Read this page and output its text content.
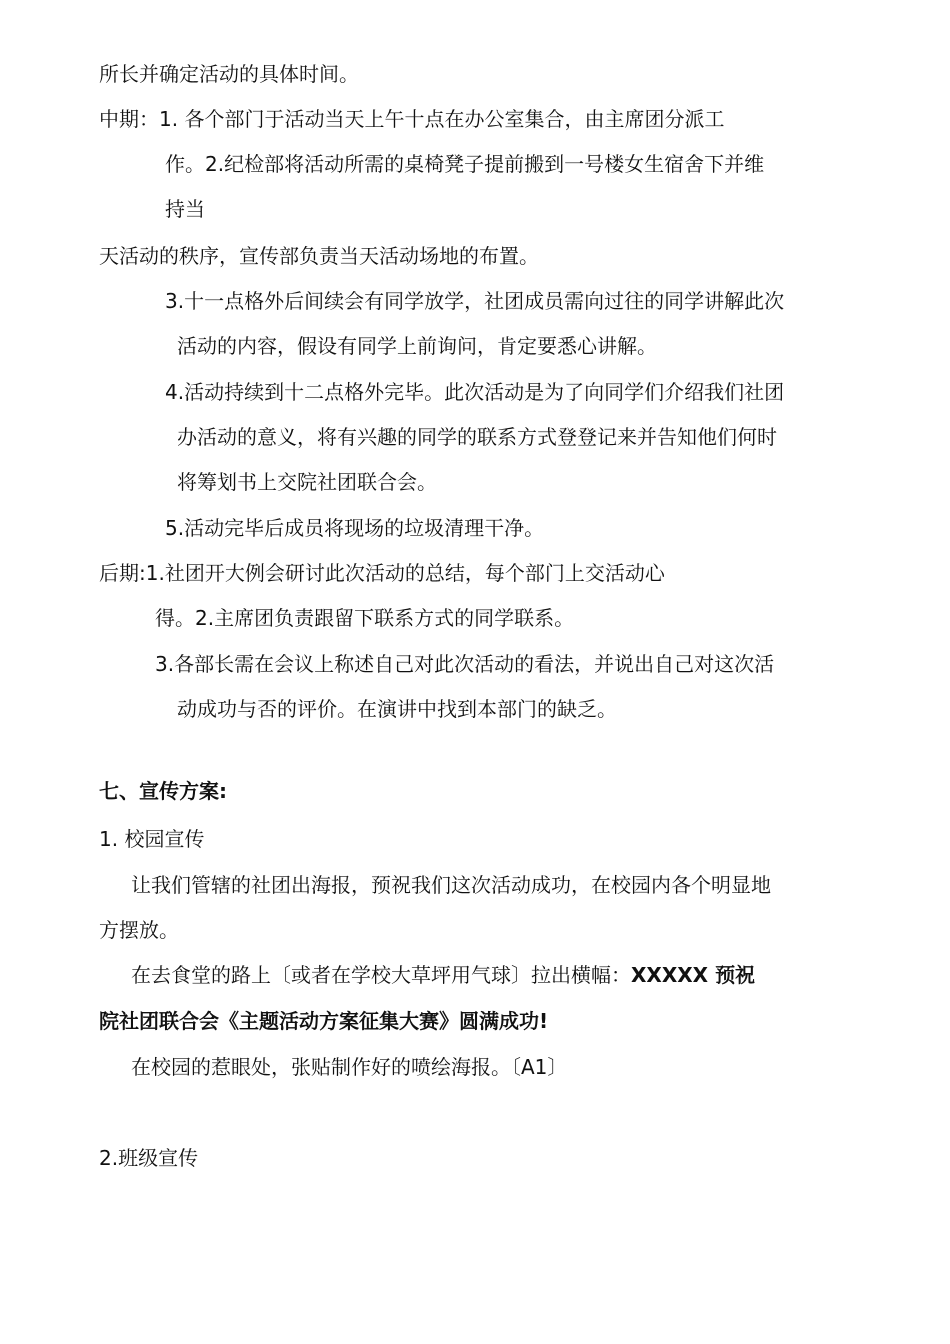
所长并确定活动的具体时间。
中期：1. 各个部门于活动当天上午十点在办公室集合，由主席团分派工
作。2.纪检部将活动所需的桌椅凳子提前搬到一号楼女生宿舍下并维
持当
天活动的秩序，宣传部负责当天活动场地的布置。
3.十一点格外后间续会有同学放学，社团成员需向过往的同学讲解此次
活动的内容，假设有同学上前询问，肯定要悉心讲解。
4.活动持续到十二点格外完毕。此次活动是为了向同学们介绍我们社团
办活动的意义，将有兴趣的同学的联系方式登登记来并告知他们何时
将筹划书上交院社团联合会。
5.活动完毕后成员将现场的垃圾清理干净。
后期:1.社团开大例会研讨此次活动的总结，每个部门上交活动心
得。2.主席团负责跟留下联系方式的同学联系。
3.各部长需在会议上称述自己对此次活动的看法，并说出自己对这次活
动成功与否的评价。在演讲中找到本部门的缺乏。
七、宣传方案:
1. 校园宣传
让我们管辖的社团出海报，预祝我们这次活动成功，在校园内各个明显地
方摆放。
在去食堂的路上〔或者在学校大草坪用气球〕拉出横幅：XXXXX 预祝
院社团联合会《主题活动方案征集大赛》圆满成功!
在校园的惹眼处，张贴制作好的喷绘海报。〔A1〕
2.班级宣传
